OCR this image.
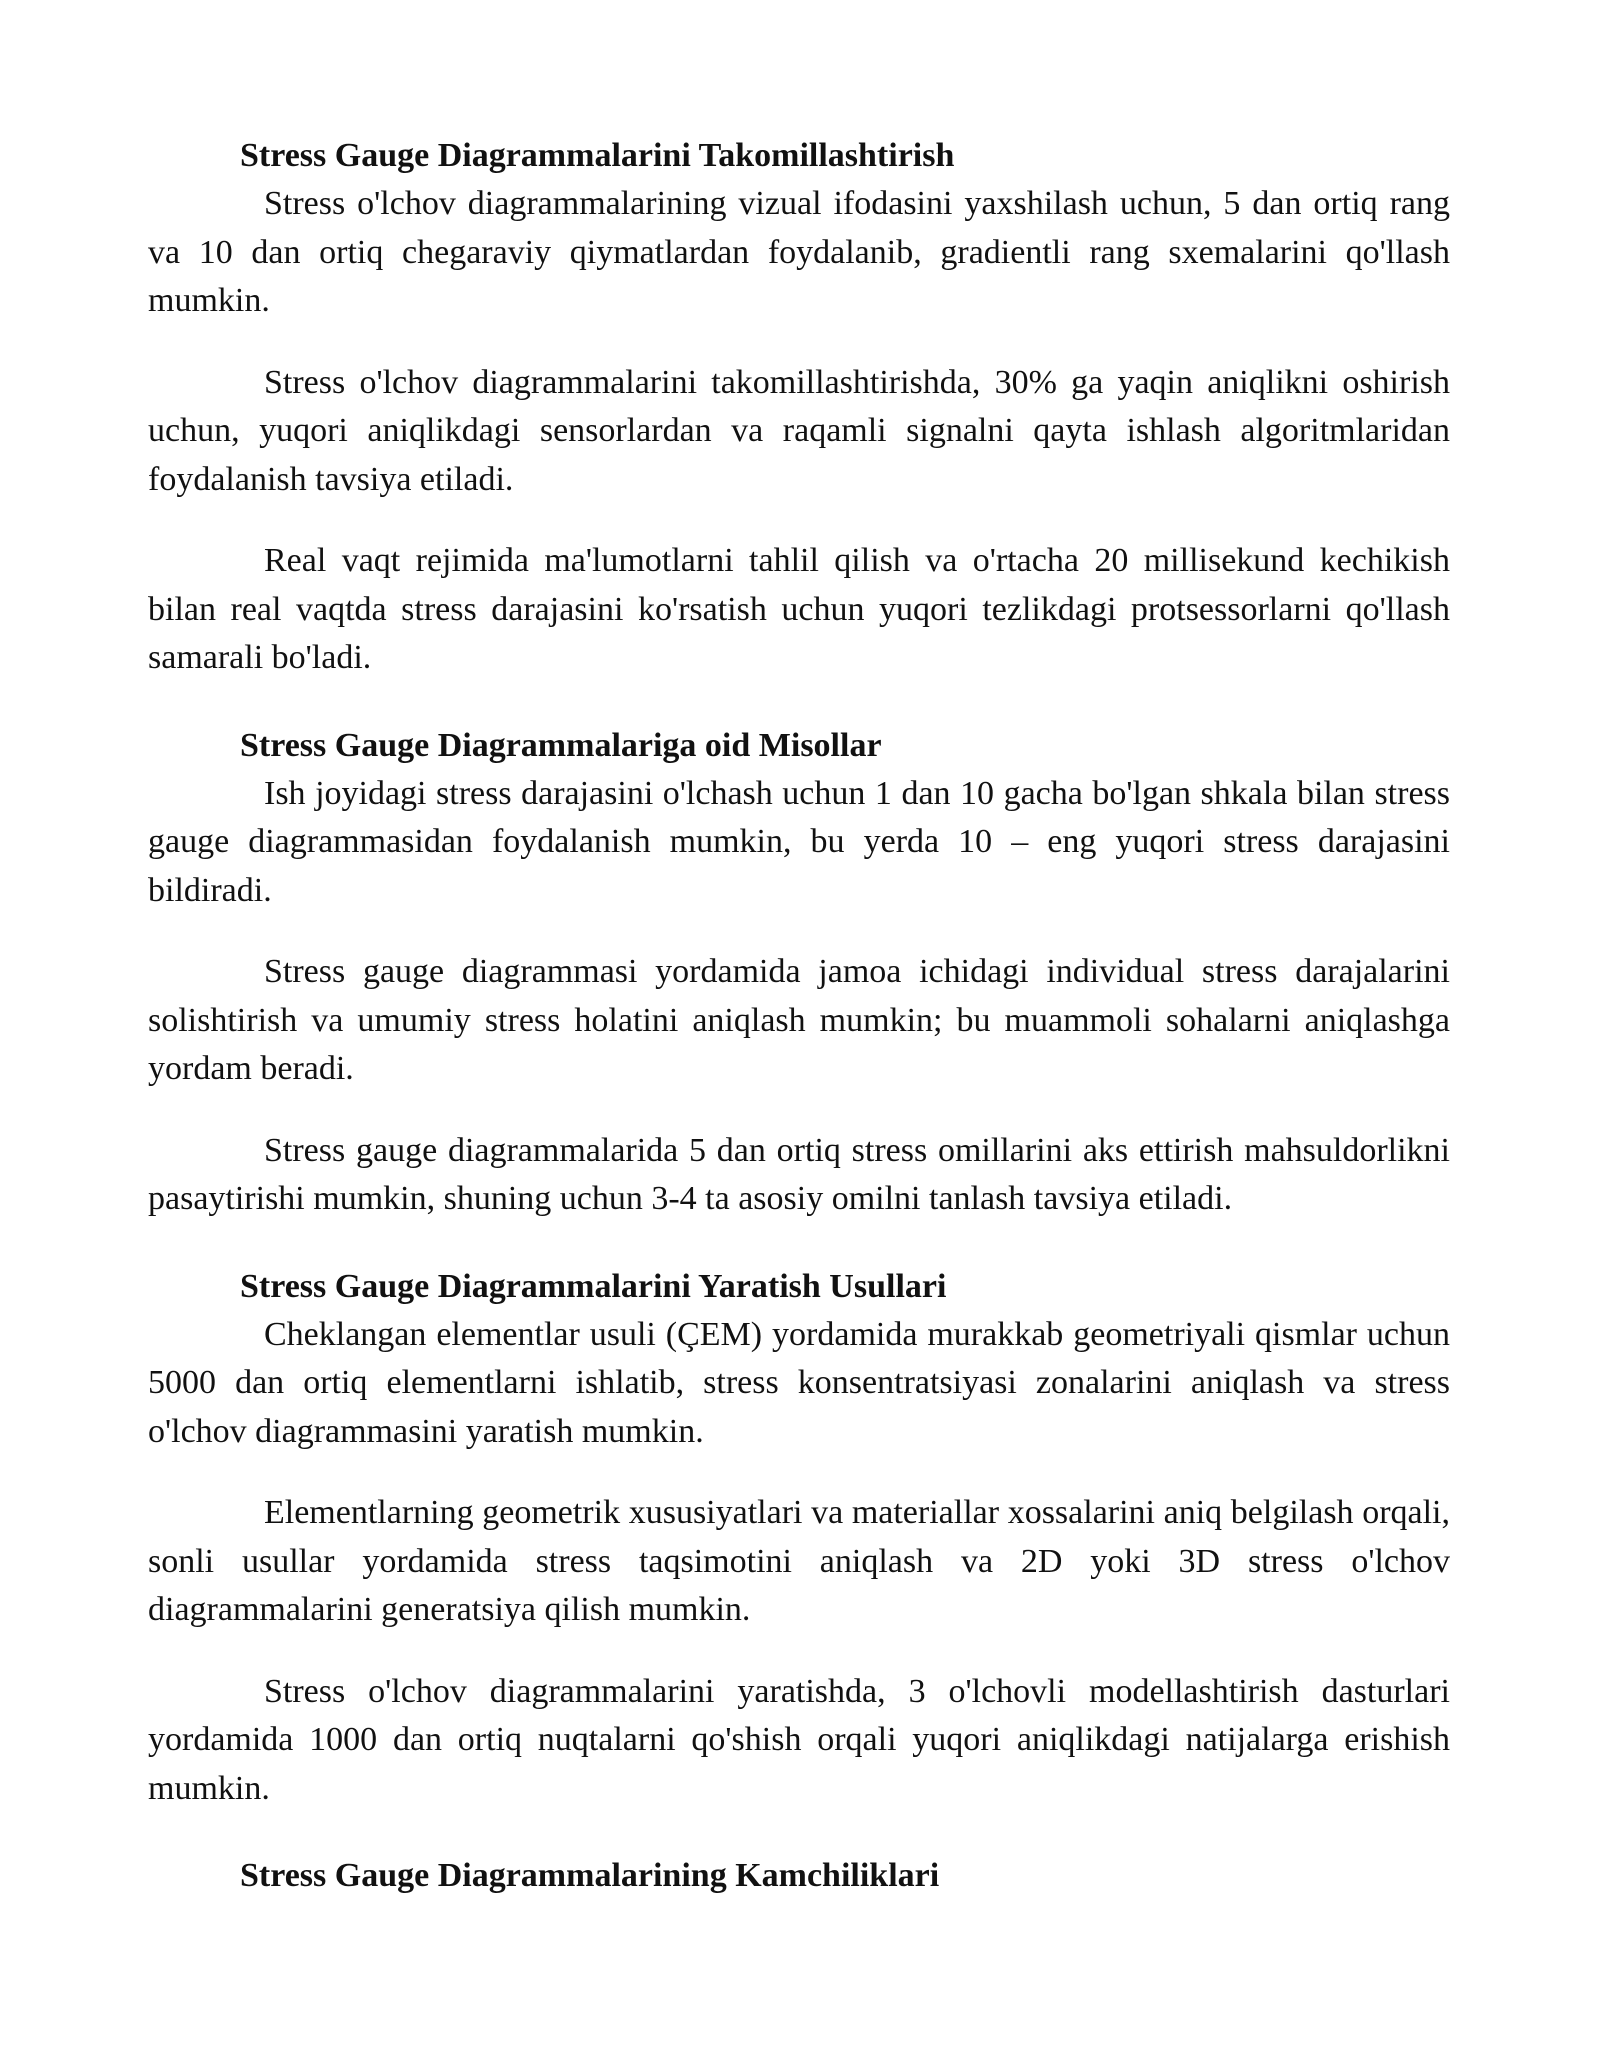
Stress Gauge Diagrammalarini Takomillashtirish

Stress o'lchov diagrammalarining vizual ifodasini yaxshilash uchun, 5 dan ortiq rang va 10 dan ortiq chegaraviy qiymatlardan foydalanib, gradientli rang sxemalarini qo'llash mumkin.

Stress o'lchov diagrammalarini takomillashtirishda, 30% ga yaqin aniqlikni oshirish uchun, yuqori aniqlikdagi sensorlardan va raqamli signalni qayta ishlash algoritmlaridan foydalanish tavsiya etiladi.

Real vaqt rejimida ma'lumotlarni tahlil qilish va o'rtacha 20 millisekund kechikish bilan real vaqtda stress darajasini ko'rsatish uchun yuqori tezlikdagi protsessorlarni qo'llash samarali bo'ladi.

Stress Gauge Diagrammalariga oid Misollar

Ish joyidagi stress darajasini o'lchash uchun 1 dan 10 gacha bo'lgan shkala bilan stress gauge diagrammasidan foydalanish mumkin, bu yerda 10 – eng yuqori stress darajasini bildiradi.

Stress gauge diagrammasi yordamida jamoa ichidagi individual stress darajalarini solishtirish va umumiy stress holatini aniqlash mumkin; bu muammoli sohalarni aniqlashga yordam beradi.

Stress gauge diagrammalarida 5 dan ortiq stress omillarini aks ettirish mahsuldorlikni pasaytirishi mumkin, shuning uchun 3-4 ta asosiy omilni tanlash tavsiya etiladi.

Stress Gauge Diagrammalarini Yaratish Usullari

Cheklangan elementlar usuli (ÇEM) yordamida murakkab geometriyali qismlar uchun 5000 dan ortiq elementlarni ishlatib, stress konsentratsiyasi zonalarini aniqlash va stress o'lchov diagrammasini yaratish mumkin.

Elementlarning geometrik xususiyatlari va materiallar xossalarini aniq belgilash orqali, sonli usullar yordamida stress taqsimotini aniqlash va 2D yoki 3D stress o'lchov diagrammalarini generatsiya qilish mumkin.

Stress o'lchov diagrammalarini yaratishda, 3 o'lchovli modellashtirish dasturlari yordamida 1000 dan ortiq nuqtalarni qo'shish orqali yuqori aniqlikdagi natijalarga erishish mumkin.

Stress Gauge Diagrammalarining Kamchiliklari
